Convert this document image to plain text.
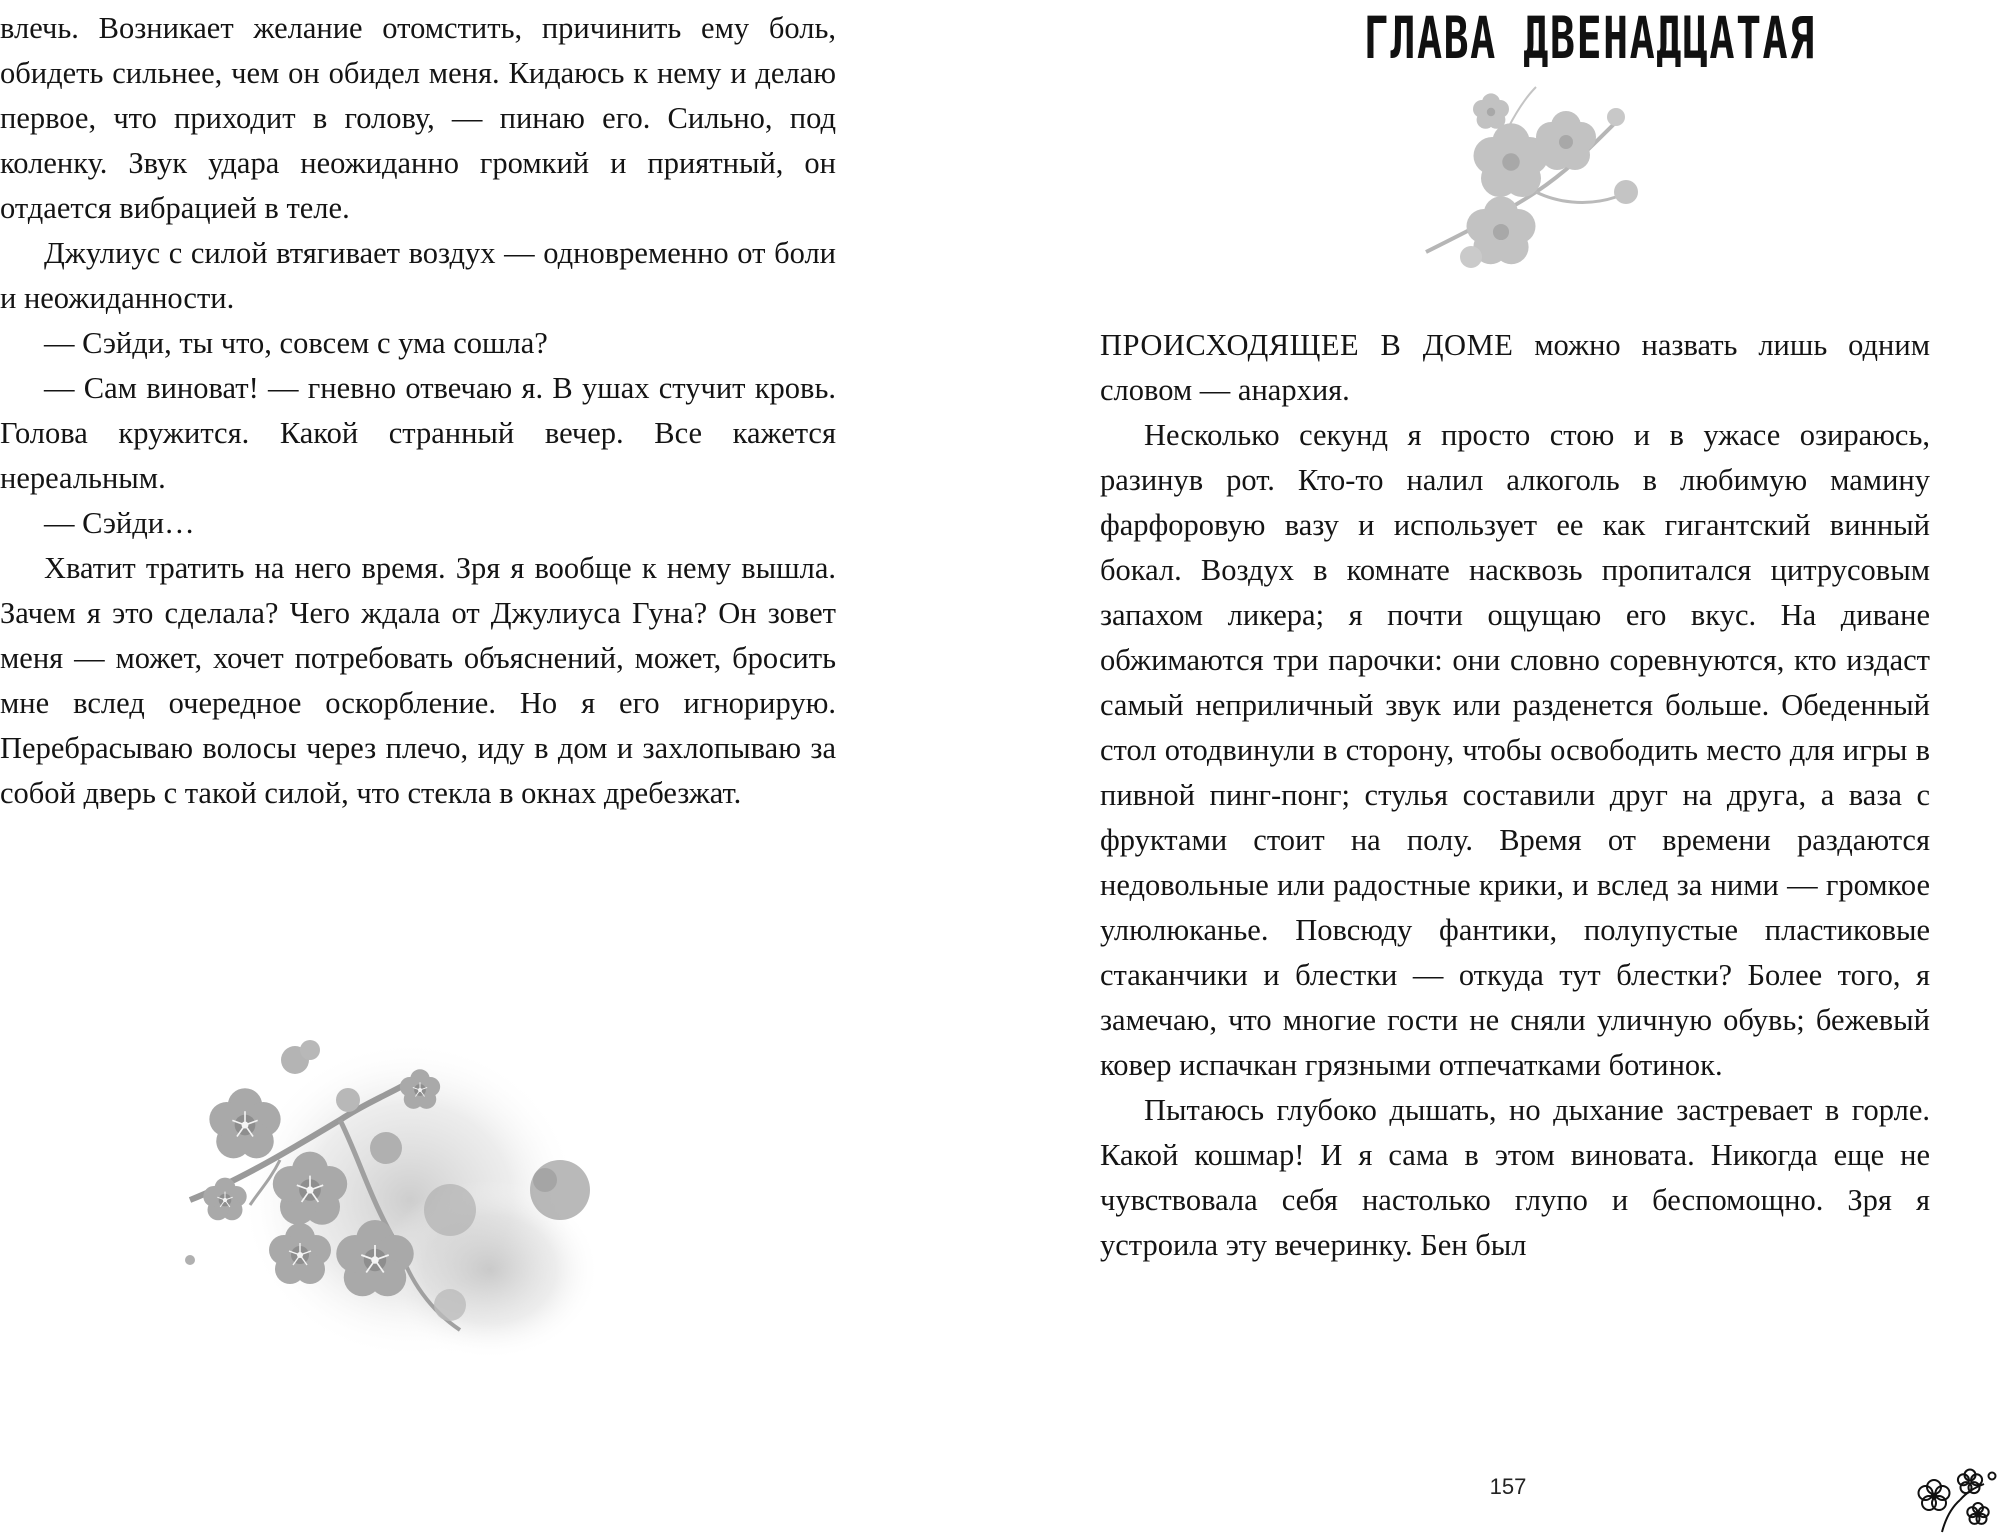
влечь. Возникает желание отомстить, причинить ему боль, обидеть сильнее, чем он обидел меня. Кидаюсь к нему и делаю первое, что приходит в голову, — пинаю его. Сильно, под коленку. Звук удара неожиданно громкий и приятный, он отдается вибрацией в теле.

Джулиус с силой втягивает воздух — одновременно от боли и неожиданности.

— Сэйди, ты что, совсем с ума сошла?

— Сам виноват! — гневно отвечаю я. В ушах стучит кровь. Голова кружится. Какой странный вечер. Все кажется нереальным.

— Сэйди…

Хватит тратить на него время. Зря я вообще к нему вышла. Зачем я это сделала? Чего ждала от Джулиуса Гуна? Он зовет меня — может, хочет потребовать объяснений, может, бросить мне вслед очередное оскорбление. Но я его игнорирую. Перебрасываю волосы через плечо, иду в дом и захлопываю за собой дверь с такой силой, что стекла в окнах дребезжат.

ГЛАВА ДВЕНАДЦАТАЯ

ПРОИСХОДЯЩЕЕ В ДОМЕ можно назвать лишь одним словом — анархия.

Несколько секунд я просто стою и в ужасе озираюсь, разинув рот. Кто-то налил алкоголь в любимую мамину фарфоровую вазу и использует ее как гигантский винный бокал. Воздух в комнате насквозь пропитался цитрусовым запахом ликера; я почти ощущаю его вкус. На диване обжимаются три парочки: они словно соревнуются, кто издаст самый неприличный звук или разденется больше. Обеденный стол отодвинули в сторону, чтобы освободить место для игры в пивной пинг-понг; стулья составили друг на друга, а ваза с фруктами стоит на полу. Время от времени раздаются недовольные или радостные крики, и вслед за ними — громкое улюлюканье. Повсюду фантики, полупустые пластиковые стаканчики и блестки — откуда тут блестки? Более того, я замечаю, что многие гости не сняли уличную обувь; бежевый ковер испачкан грязными отпечатками ботинок.

Пытаюсь глубоко дышать, но дыхание застревает в горле. Какой кошмар! И я сама в этом виновата. Никогда еще не чувствовала себя настолько глупо и беспомощно. Зря я устроила эту вечеринку. Бен был

157
